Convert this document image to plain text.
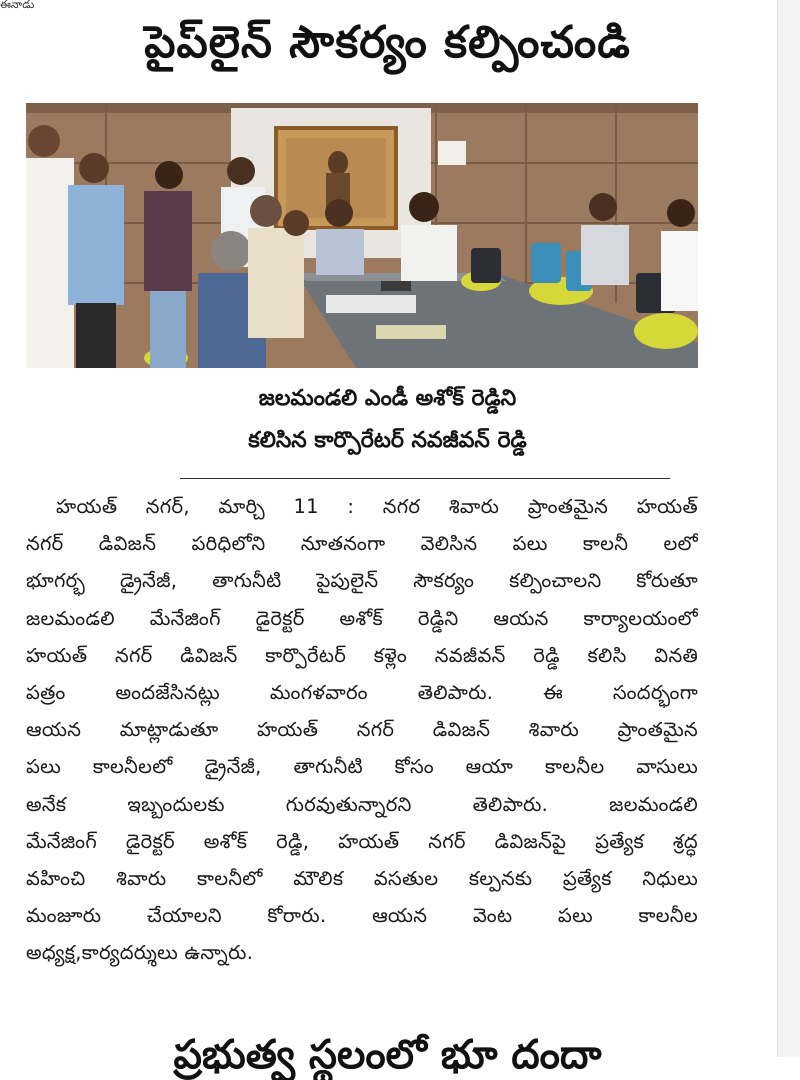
ఈనాడు
పైప్‌లైన్ సౌకర్యం కల్పించండి
జలమండలి ఎండీ అశోక్ రెడ్డిని
కలిసిన కార్పొరేటర్ నవజీవన్ రెడ్డి
హయత్ నగర్, మార్చి 11 : నగర శివారు ప్రాంతమైన హయత్
నగర్ డివిజన్ పరిధిలోని నూతనంగా వెలిసిన పలు కాలనీ లలో
భూగర్భ డ్రైనేజీ, తాగునీటి పైపులైన్ సౌకర్యం కల్పించాలని కోరుతూ
జలమండలి మేనేజింగ్ డైరెక్టర్ అశోక్ రెడ్డిని ఆయన కార్యాలయంలో
హయత్ నగర్ డివిజన్ కార్పొరేటర్ కళ్లెం నవజీవన్ రెడ్డి కలిసి వినతి
పత్రం అందజేసినట్లు మంగళవారం తెలిపారు. ఈ సందర్భంగా
ఆయన మాట్లాడుతూ హయత్ నగర్ డివిజన్ శివారు ప్రాంతమైన
పలు కాలనీలలో డ్రైనేజీ, తాగునీటి కోసం ఆయా కాలనీల వాసులు
అనేక ఇబ్బందులకు గురవుతున్నారని తెలిపారు. జలమండలి
మేనేజింగ్ డైరెక్టర్ అశోక్ రెడ్డి, హయత్ నగర్ డివిజన్‌పై ప్రత్యేక శ్రద్ధ
వహించి శివారు కాలనీలో మౌలిక వసతుల కల్పనకు ప్రత్యేక నిధులు
మంజూరు చేయాలని కోరారు. ఆయన వెంట పలు కాలనీల
అధ్యక్ష,కార్యదర్శులు ఉన్నారు.
ప్రభుత్వ స్థలంలో భూ దందా
